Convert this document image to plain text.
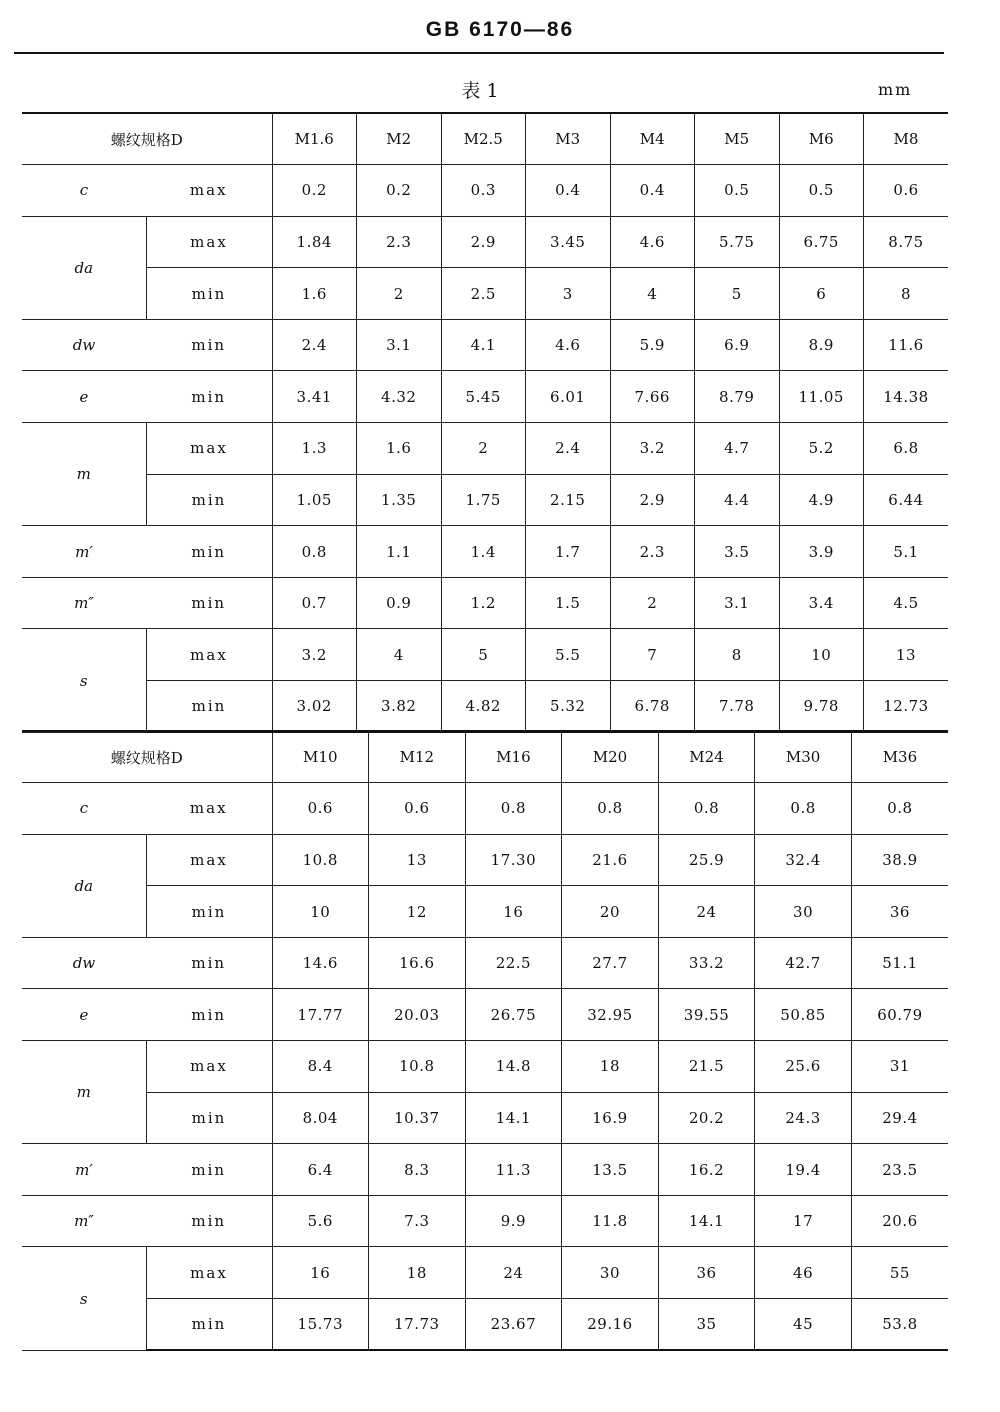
GB 6170—86
表 1	mm
螺纹规格D		M1.6	M2	M2.5	M3	M4	M5	M6	M8
c	max	0.2	0.2	0.3	0.4	0.4	0.5	0.5	0.6
da	max	1.84	2.3	2.9	3.45	4.6	5.75	6.75	8.75
	min	1.6	2	2.5	3	4	5	6	8
dw	min	2.4	3.1	4.1	4.6	5.9	6.9	8.9	11.6
e	min	3.41	4.32	5.45	6.01	7.66	8.79	11.05	14.38
m	max	1.3	1.6	2	2.4	3.2	4.7	5.2	6.8
	min	1.05	1.35	1.75	2.15	2.9	4.4	4.9	6.44
m′	min	0.8	1.1	1.4	1.7	2.3	3.5	3.9	5.1
m″	min	0.7	0.9	1.2	1.5	2	3.1	3.4	4.5
s	max	3.2	4	5	5.5	7	8	10	13
	min	3.02	3.82	4.82	5.32	6.78	7.78	9.78	12.73
螺纹规格D		M10	M12	M16	M20	M24	M30	M36
c	max	0.6	0.6	0.8	0.8	0.8	0.8	0.8
da	max	10.8	13	17.30	21.6	25.9	32.4	38.9
	min	10	12	16	20	24	30	36
dw	min	14.6	16.6	22.5	27.7	33.2	42.7	51.1
e	min	17.77	20.03	26.75	32.95	39.55	50.85	60.79
m	max	8.4	10.8	14.8	18	21.5	25.6	31
	min	8.04	10.37	14.1	16.9	20.2	24.3	29.4
m′	min	6.4	8.3	11.3	13.5	16.2	19.4	23.5
m″	min	5.6	7.3	9.9	11.8	14.1	17	20.6
s	max	16	18	24	30	36	46	55
	min	15.73	17.73	23.67	29.16	35	45	53.8
